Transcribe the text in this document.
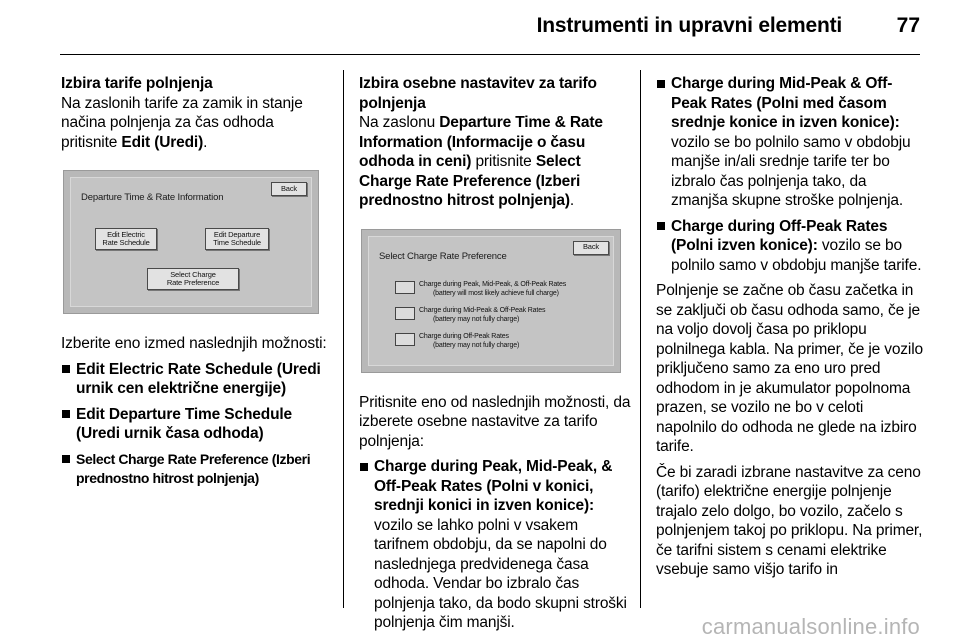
Instrumenti in upravni elementi	77

Izbira tarife polnjenja

Na zaslonih tarife za zamik in stanje načina polnjenja za čas odhoda pritisnite Edit (Uredi).

Departure Time & Rate Information
Back
Edit Electric
Rate Schedule
Edit Departure
Time Schedule
Select Charge
Rate Preference

Izberite eno izmed naslednjih možnosti:

Edit Electric Rate Schedule (Uredi urnik cen električne energije)
Edit Departure Time Schedule (Uredi urnik časa odhoda)
Select Charge Rate Preference (Izberi prednostno hitrost polnjenja)

Izbira osebne nastavitev za tarifo polnjenja

Na zaslonu Departure Time & Rate Information (Informacije o času odhoda in ceni) pritisnite Select Charge Rate Preference (Izberi prednostno hitrost polnjenja).

Select Charge Rate Preference
Back
Charge during Peak, Mid-Peak, & Off-Peak Rates
(battery will most likely achieve full charge)
Charge during Mid-Peak & Off-Peak Rates
(battery may not fully charge)
Charge during Off-Peak Rates
(battery may not fully charge)

Pritisnite eno od naslednjih možnosti, da izberete osebne nastavitve za tarifo polnjenja:

Charge during Peak, Mid-Peak, & Off-Peak Rates (Polni v konici, srednji konici in izven konice): vozilo se lahko polni v vsakem tarifnem obdobju, da se napolni do naslednjega predvidenega časa odhoda. Vendar bo izbralo čas polnjenja tako, da bodo skupni stroški polnjenja čim manjši.
Charge during Mid-Peak & Off-Peak Rates (Polni med časom srednje konice in izven konice): vozilo se bo polnilo samo v obdobju manjše in/ali srednje tarife ter bo izbralo čas polnjenja tako, da zmanjša skupne stroške polnjenja.
Charge during Off-Peak Rates (Polni izven konice): vozilo se bo polnilo samo v obdobju manjše tarife.

Polnjenje se začne ob času začetka in se zaključi ob času odhoda samo, če je na voljo dovolj časa po priklopu polnilnega kabla. Na primer, če je vozilo priključeno samo za eno uro pred odhodom in je akumulator popolnoma prazen, se vozilo ne bo v celoti napolnilo do odhoda ne glede na izbiro tarife.

Če bi zaradi izbrane nastavitve za ceno (tarifo) električne energije polnjenje trajalo zelo dolgo, bo vozilo, začelo s polnjenjem takoj po priklopu. Na primer, če tarifni sistem s cenami elektrike vsebuje samo višjo tarifo in

carmanualsonline.info
